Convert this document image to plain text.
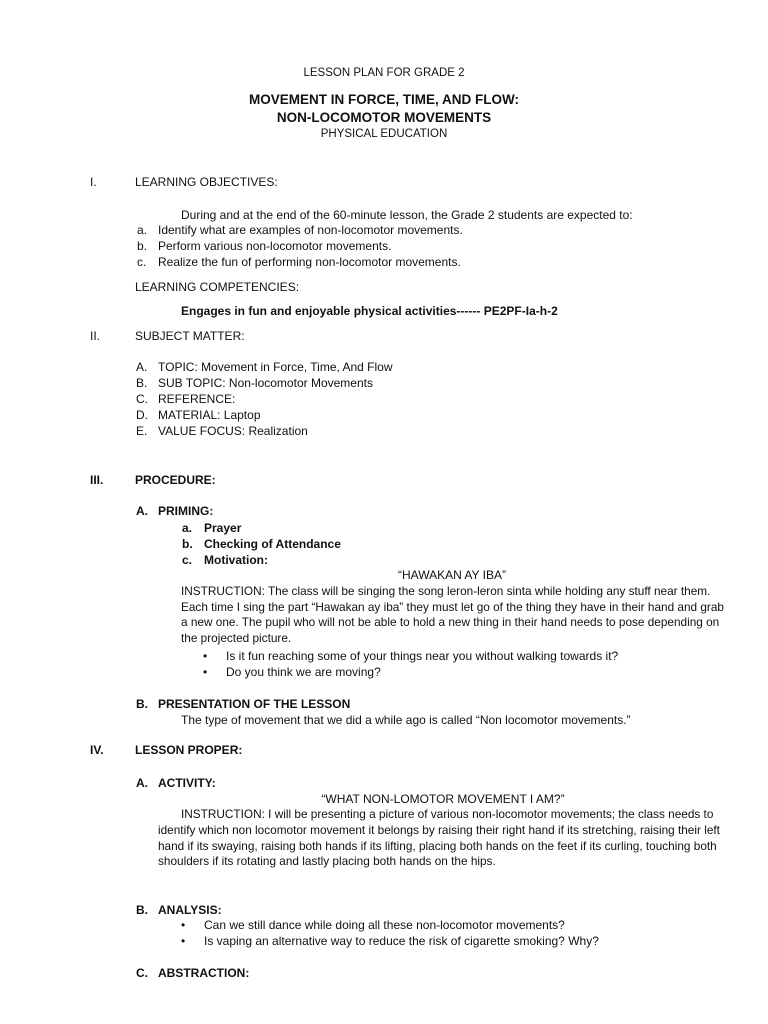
LESSON PLAN FOR GRADE 2
MOVEMENT IN FORCE, TIME, AND FLOW:
NON-LOCOMOTOR MOVEMENTS
PHYSICAL EDUCATION
I.	LEARNING OBJECTIVES:
During and at the end of the 60-minute lesson, the Grade 2 students are expected to:
a. Identify what are examples of non-locomotor movements.
b. Perform various non-locomotor movements.
c. Realize the fun of performing non-locomotor movements.
LEARNING COMPETENCIES:
Engages in fun and enjoyable physical activities------ PE2PF-Ia-h-2
II.	SUBJECT MATTER:
A. TOPIC: Movement in Force, Time, And Flow
B. SUB TOPIC: Non-locomotor Movements
C. REFERENCE:
D. MATERIAL: Laptop
E. VALUE FOCUS: Realization
III.	PROCEDURE:
A. PRIMING:
a. Prayer
b. Checking of Attendance
c. Motivation:
“HAWAKAN AY IBA”
INSTRUCTION: The class will be singing the song leron-leron sinta while holding any stuff near them. Each time I sing the part “Hawakan ay iba” they must let go of the thing they have in their hand and grab a new one. The pupil who will not be able to hold a new thing in their hand needs to pose depending on the projected picture.
• Is it fun reaching some of your things near you without walking towards it?
• Do you think we are moving?
B. PRESENTATION OF THE LESSON
The type of movement that we did a while ago is called “Non locomotor movements.”
IV.	LESSON PROPER:
A. ACTIVITY:
“WHAT NON-LOMOTOR MOVEMENT I AM?”
INSTRUCTION: I will be presenting a picture of various non-locomotor movements; the class needs to identify which non locomotor movement it belongs by raising their right hand if its stretching, raising their left hand if its swaying, raising both hands if its lifting, placing both hands on the feet if its curling, touching both shoulders if its rotating and lastly placing both hands on the hips.
B. ANALYSIS:
• Can we still dance while doing all these non-locomotor movements?
• Is vaping an alternative way to reduce the risk of cigarette smoking? Why?
C. ABSTRACTION:
